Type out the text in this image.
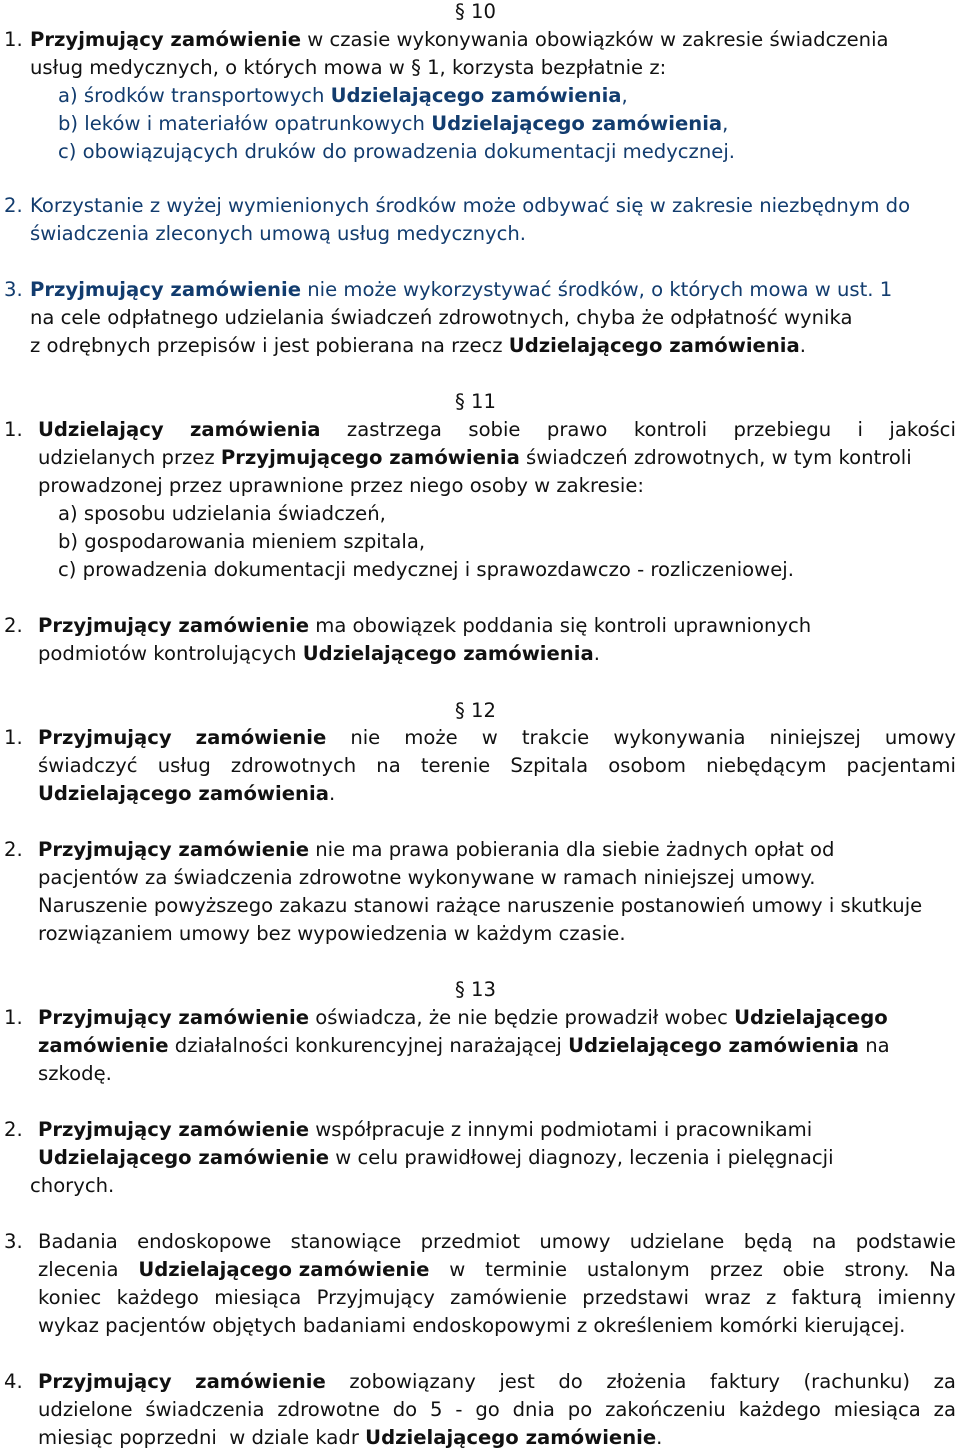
§ 10
1. Przyjmujący zamówienie w czasie wykonywania obowiązków w zakresie świadczenia
usług medycznych, o których mowa w § 1, korzysta bezpłatnie z:
a) środków transportowych Udzielającego zamówienia,
b) leków i materiałów opatrunkowych Udzielającego zamówienia,
c) obowiązujących druków do prowadzenia dokumentacji medycznej.
2. Korzystanie z wyżej wymienionych środków może odbywać się w zakresie niezbędnym do
świadczenia zleconych umową usług medycznych.
3. Przyjmujący zamówienie nie może wykorzystywać środków, o których mowa w ust. 1
na cele odpłatnego udzielania świadczeń zdrowotnych, chyba że odpłatność wynika
z odrębnych przepisów i jest pobierana na rzecz Udzielającego zamówienia.
§ 11
1. Udzielający zamówienia zastrzega sobie prawo kontroli przebiegu i jakości
udzielanych przez Przyjmującego zamówienia świadczeń zdrowotnych, w tym kontroli
prowadzonej przez uprawnione przez niego osoby w zakresie:
a) sposobu udzielania świadczeń,
b) gospodarowania mieniem szpitala,
c) prowadzenia dokumentacji medycznej i sprawozdawczo - rozliczeniowej.
2. Przyjmujący zamówienie ma obowiązek poddania się kontroli uprawnionych
podmiotów kontrolujących Udzielającego zamówienia.
§ 12
1. Przyjmujący zamówienie nie może w trakcie wykonywania niniejszej umowy
świadczyć usług zdrowotnych na terenie Szpitala osobom niebędącym pacjentami
Udzielającego zamówienia.
2. Przyjmujący zamówienie nie ma prawa pobierania dla siebie żadnych opłat od
pacjentów za świadczenia zdrowotne wykonywane w ramach niniejszej umowy.
Naruszenie powyższego zakazu stanowi rażące naruszenie postanowień umowy i skutkuje
rozwiązaniem umowy bez wypowiedzenia w każdym czasie.
§ 13
1. Przyjmujący zamówienie oświadcza, że nie będzie prowadził wobec Udzielającego
zamówienie działalności konkurencyjnej narażającej Udzielającego zamówienia na
szkodę.
2. Przyjmujący zamówienie współpracuje z innymi podmiotami i pracownikami
Udzielającego zamówienie w celu prawidłowej diagnozy, leczenia i pielęgnacji
chorych.
3. Badania endoskopowe stanowiące przedmiot umowy udzielane będą na podstawie
zlecenia Udzielającego zamówienie w terminie ustalonym przez obie strony. Na
koniec każdego miesiąca Przyjmujący zamówienie przedstawi wraz z fakturą imienny
wykaz pacjentów objętych badaniami endoskopowymi z określeniem komórki kierującej.
4. Przyjmujący zamówienie zobowiązany jest do złożenia faktury (rachunku) za
udzielone świadczenia zdrowotne do 5 - go dnia po zakończeniu każdego miesiąca za
miesiąc poprzedni  w dziale kadr Udzielającego zamówienie.
